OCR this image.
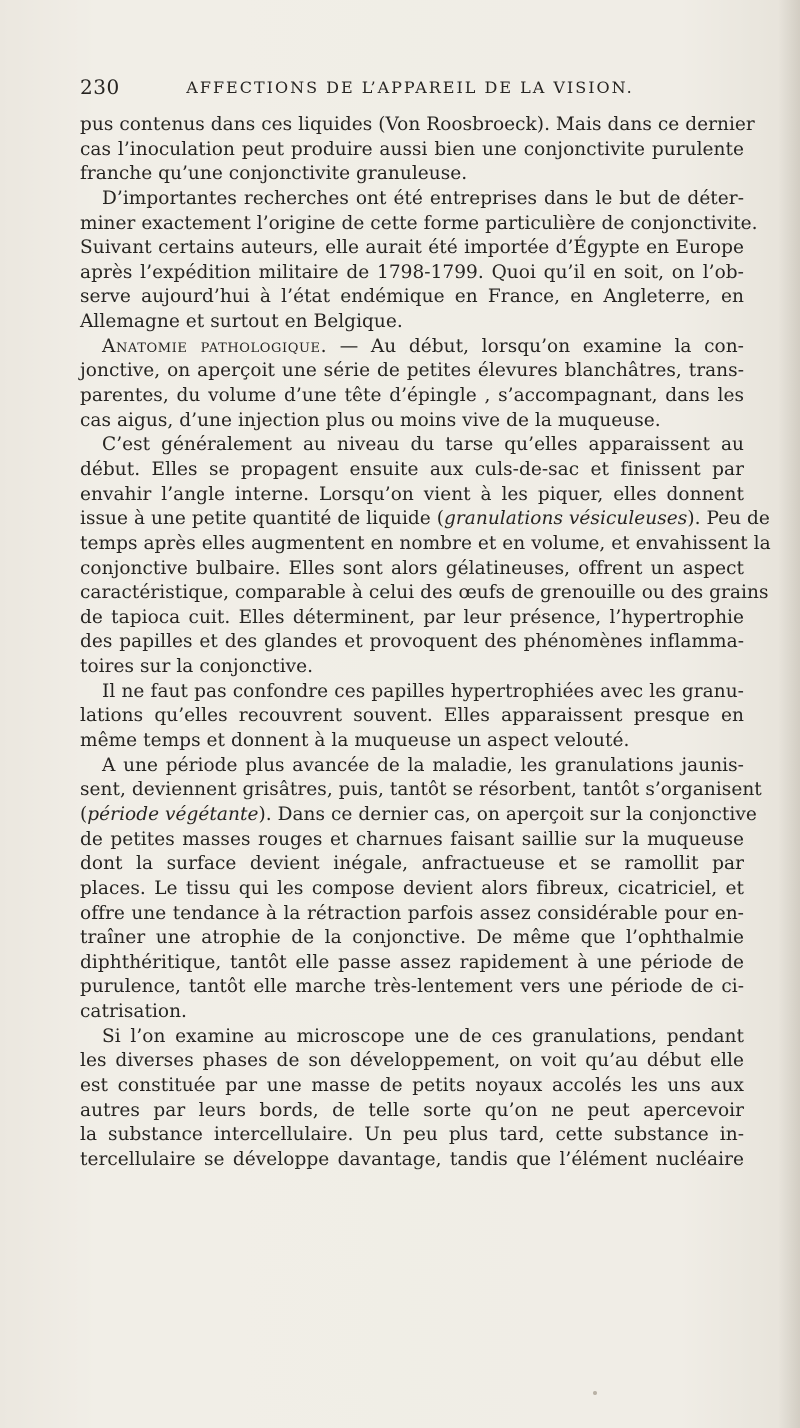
230	AFFECTIONS DE L’APPAREIL DE LA VISION.
pus contenus dans ces liquides (Von Roosbroeck). Mais dans ce dernier
cas l’inoculation peut produire aussi bien une conjonctivite purulente
franche qu’une conjonctivite granuleuse.
D’importantes recherches ont été entreprises dans le but de déter-
miner exactement l’origine de cette forme particulière de conjonctivite.
Suivant certains auteurs, elle aurait été importée d’Égypte en Europe
après l’expédition militaire de 1798-1799. Quoi qu’il en soit, on l’ob-
serve aujourd’hui à l’état endémique en France, en Angleterre, en
Allemagne et surtout en Belgique.
Anatomie pathologique. — Au début, lorsqu’on examine la con-
jonctive, on aperçoit une série de petites élevures blanchâtres, trans-
parentes, du volume d’une tête d’épingle , s’accompagnant, dans les
cas aigus, d’une injection plus ou moins vive de la muqueuse.
C’est généralement au niveau du tarse qu’elles apparaissent au
début. Elles se propagent ensuite aux culs-de-sac et finissent par
envahir l’angle interne. Lorsqu’on vient à les piquer, elles donnent
issue à une petite quantité de liquide (granulations vésiculeuses). Peu de
temps après elles augmentent en nombre et en volume, et envahissent la
conjonctive bulbaire. Elles sont alors gélatineuses, offrent un aspect
caractéristique, comparable à celui des œufs de grenouille ou des grains
de tapioca cuit. Elles déterminent, par leur présence, l’hypertrophie
des papilles et des glandes et provoquent des phénomènes inflamma-
toires sur la conjonctive.
Il ne faut pas confondre ces papilles hypertrophiées avec les granu-
lations qu’elles recouvrent souvent. Elles apparaissent presque en
même temps et donnent à la muqueuse un aspect velouté.
A une période plus avancée de la maladie, les granulations jaunis-
sent, deviennent grisâtres, puis, tantôt se résorbent, tantôt s’organisent
(période végétante). Dans ce dernier cas, on aperçoit sur la conjonctive
de petites masses rouges et charnues faisant saillie sur la muqueuse
dont la surface devient inégale, anfractueuse et se ramollit par
places. Le tissu qui les compose devient alors fibreux, cicatriciel, et
offre une tendance à la rétraction parfois assez considérable pour en-
traîner une atrophie de la conjonctive. De même que l’ophthalmie
diphthéritique, tantôt elle passe assez rapidement à une période de
purulence, tantôt elle marche très-lentement vers une période de ci-
catrisation.
Si l’on examine au microscope une de ces granulations, pendant
les diverses phases de son développement, on voit qu’au début elle
est constituée par une masse de petits noyaux accolés les uns aux
autres par leurs bords, de telle sorte qu’on ne peut apercevoir
la substance intercellulaire. Un peu plus tard, cette substance in-
tercellulaire se développe davantage, tandis que l’élément nucléaire
